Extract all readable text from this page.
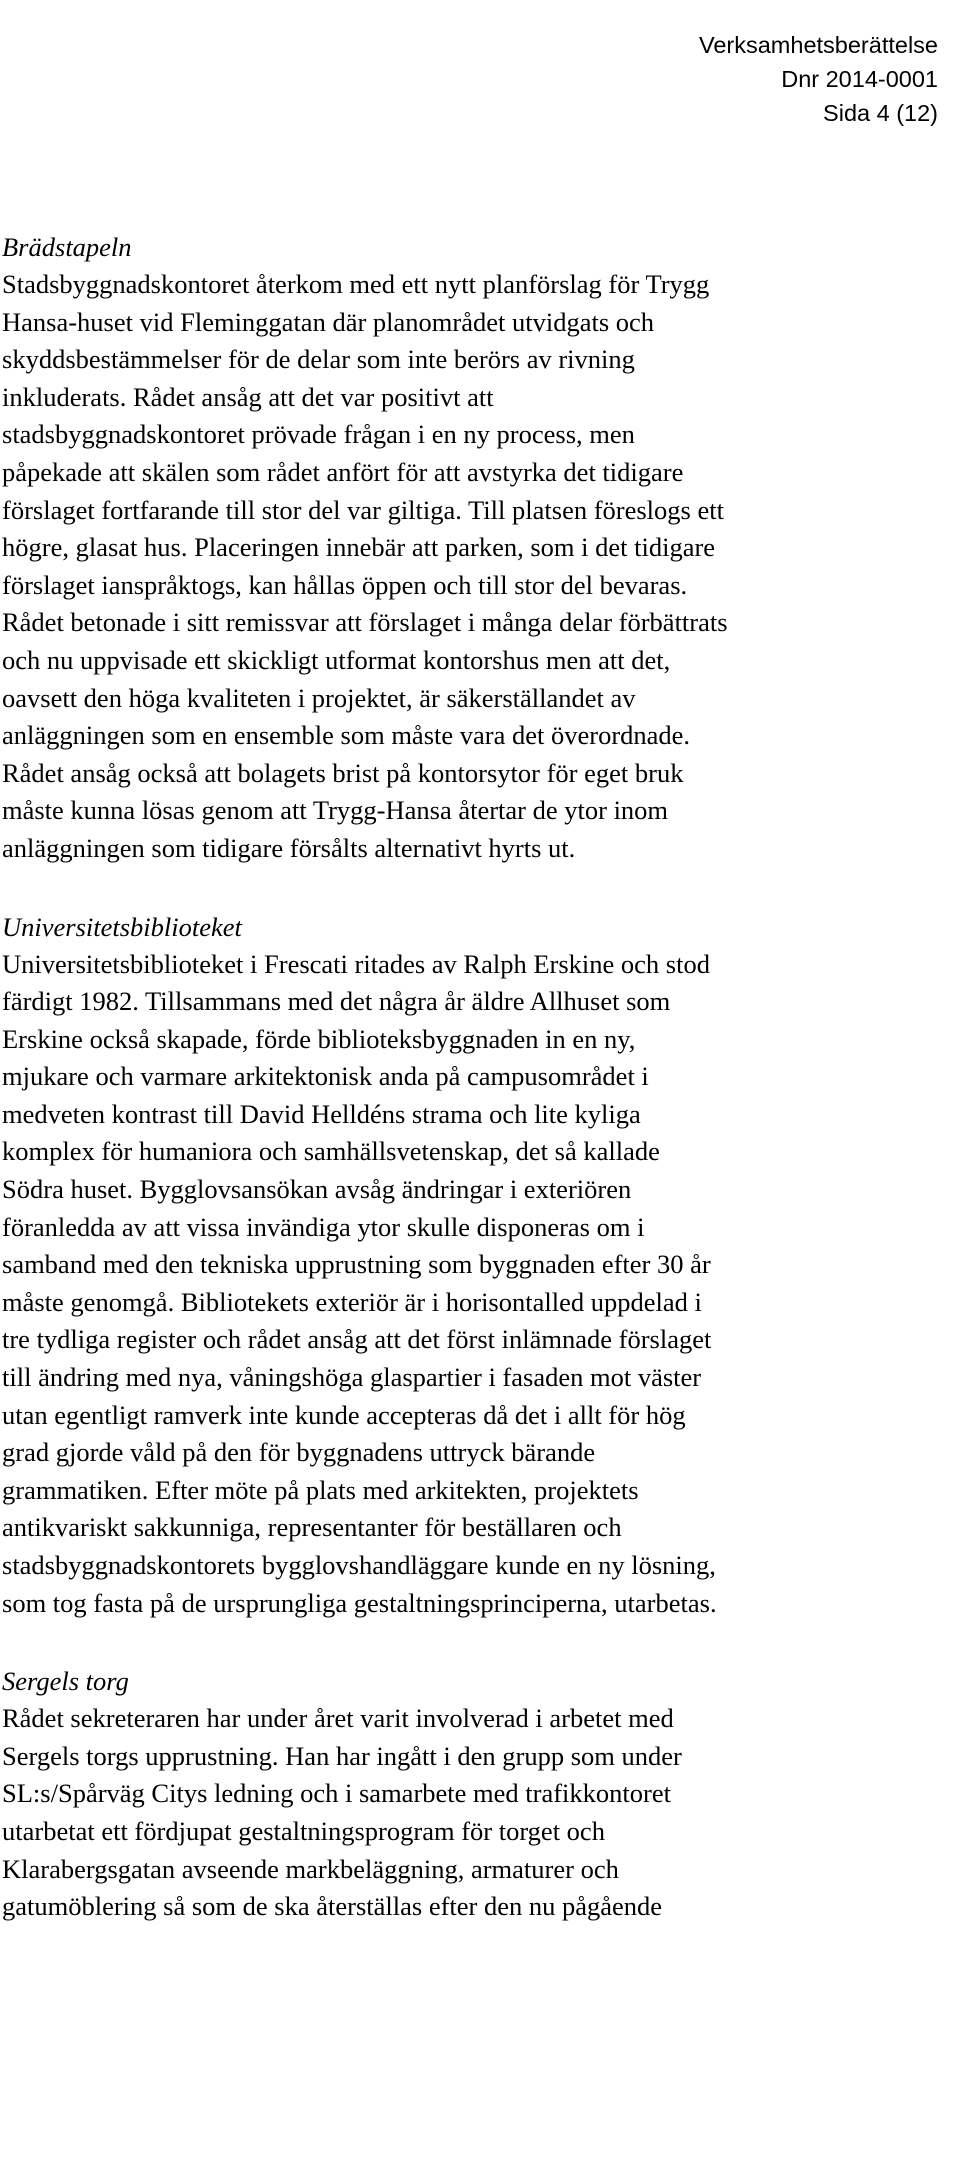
Verksamhetsberättelse
Dnr 2014-0001
Sida 4 (12)
Brädstapeln

Stadsbyggnadskontoret återkom med ett nytt planförslag för Trygg
Hansa-huset vid Fleminggatan där planområdet utvidgats och
skyddsbestämmelser för de delar som inte berörs av rivning
inkluderats. Rådet ansåg att det var positivt att
stadsbyggnadskontoret prövade frågan i en ny process, men
påpekade att skälen som rådet anfört för att avstyrka det tidigare
förslaget fortfarande till stor del var giltiga. Till platsen föreslogs ett
högre, glasat hus. Placeringen innebär att parken, som i det tidigare
förslaget ianspråktogs, kan hållas öppen och till stor del bevaras.
Rådet betonade i sitt remissvar att förslaget i många delar förbättrats
och nu uppvisade ett skickligt utformat kontorshus men att det,
oavsett den höga kvaliteten i projektet, är säkerställandet av
anläggningen som en ensemble som måste vara det överordnade.
Rådet ansåg också att bolagets brist på kontorsytor för eget bruk
måste kunna lösas genom att Trygg-Hansa återtar de ytor inom
anläggningen som tidigare försålts alternativt hyrts ut.

Universitetsbiblioteket

Universitetsbiblioteket i Frescati ritades av Ralph Erskine och stod
färdigt 1982. Tillsammans med det några år äldre Allhuset som
Erskine också skapade, förde biblioteksbyggnaden in en ny,
mjukare och varmare arkitektonisk anda på campusområdet i
medveten kontrast till David Helldéns strama och lite kyliga
komplex för humaniora och samhällsvetenskap, det så kallade
Södra huset. Bygglovsansökan avsåg ändringar i exteriören
föranledda av att vissa invändiga ytor skulle disponeras om i
samband med den tekniska upprustning som byggnaden efter 30 år
måste genomgå. Bibliotekets exteriör är i horisontalled uppdelad i
tre tydliga register och rådet ansåg att det först inlämnade förslaget
till ändring med nya, våningshöga glaspartier i fasaden mot väster
utan egentligt ramverk inte kunde accepteras då det i allt för hög
grad gjorde våld på den för byggnadens uttryck bärande
grammatiken. Efter möte på plats med arkitekten, projektets
antikvariskt sakkunniga, representanter för beställaren och
stadsbyggnadskontorets bygglovshandläggare kunde en ny lösning,
som tog fasta på de ursprungliga gestaltningsprinciperna, utarbetas.

Sergels torg

Rådet sekreteraren har under året varit involverad i arbetet med
Sergels torgs upprustning. Han har ingått i den grupp som under
SL:s/Spårväg Citys ledning och i samarbete med trafikkontoret
utarbetat ett fördjupat gestaltningsprogram för torget och
Klarabergsgatan avseende markbeläggning, armaturer och
gatumöblering så som de ska återställas efter den nu pågående
